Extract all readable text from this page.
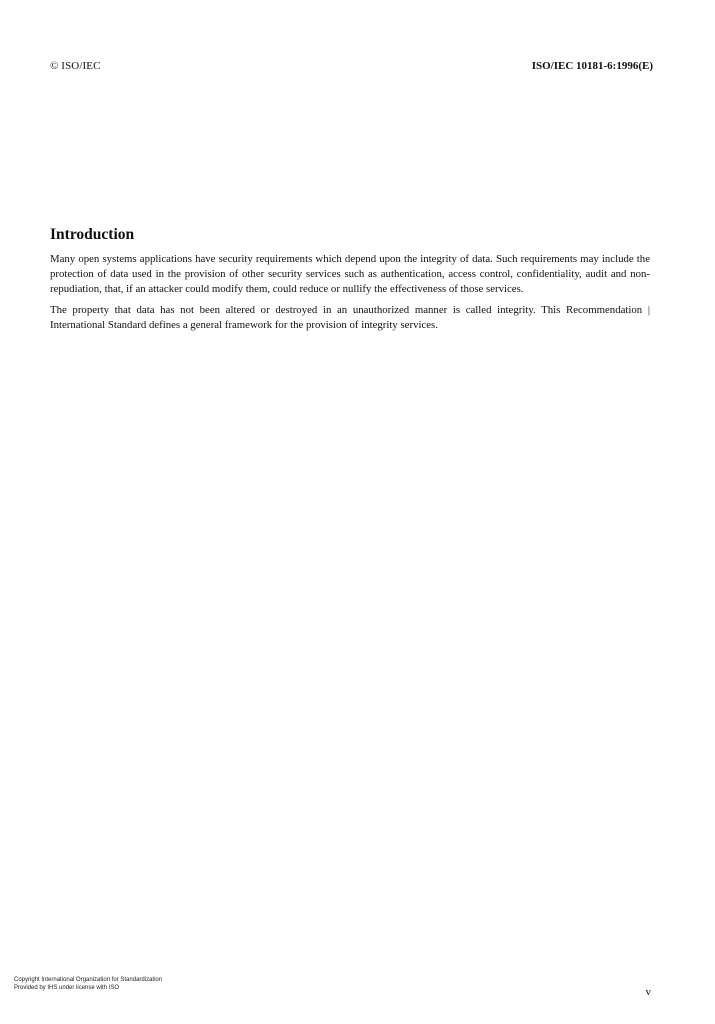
© ISO/IEC	ISO/IEC 10181-6:1996(E)
Introduction

Many open systems applications have security requirements which depend upon the integrity of data. Such requirements may include the protection of data used in the provision of other security services such as authentication, access control, confidentiality, audit and non-repudiation, that, if an attacker could modify them, could reduce or nullify the effectiveness of those services.

The property that data has not been altered or destroyed in an unauthorized manner is called integrity. This Recommendation | International Standard defines a general framework for the provision of integrity services.

Copyright International Organization for Standardization
Provided by IHS under license with ISO	v
